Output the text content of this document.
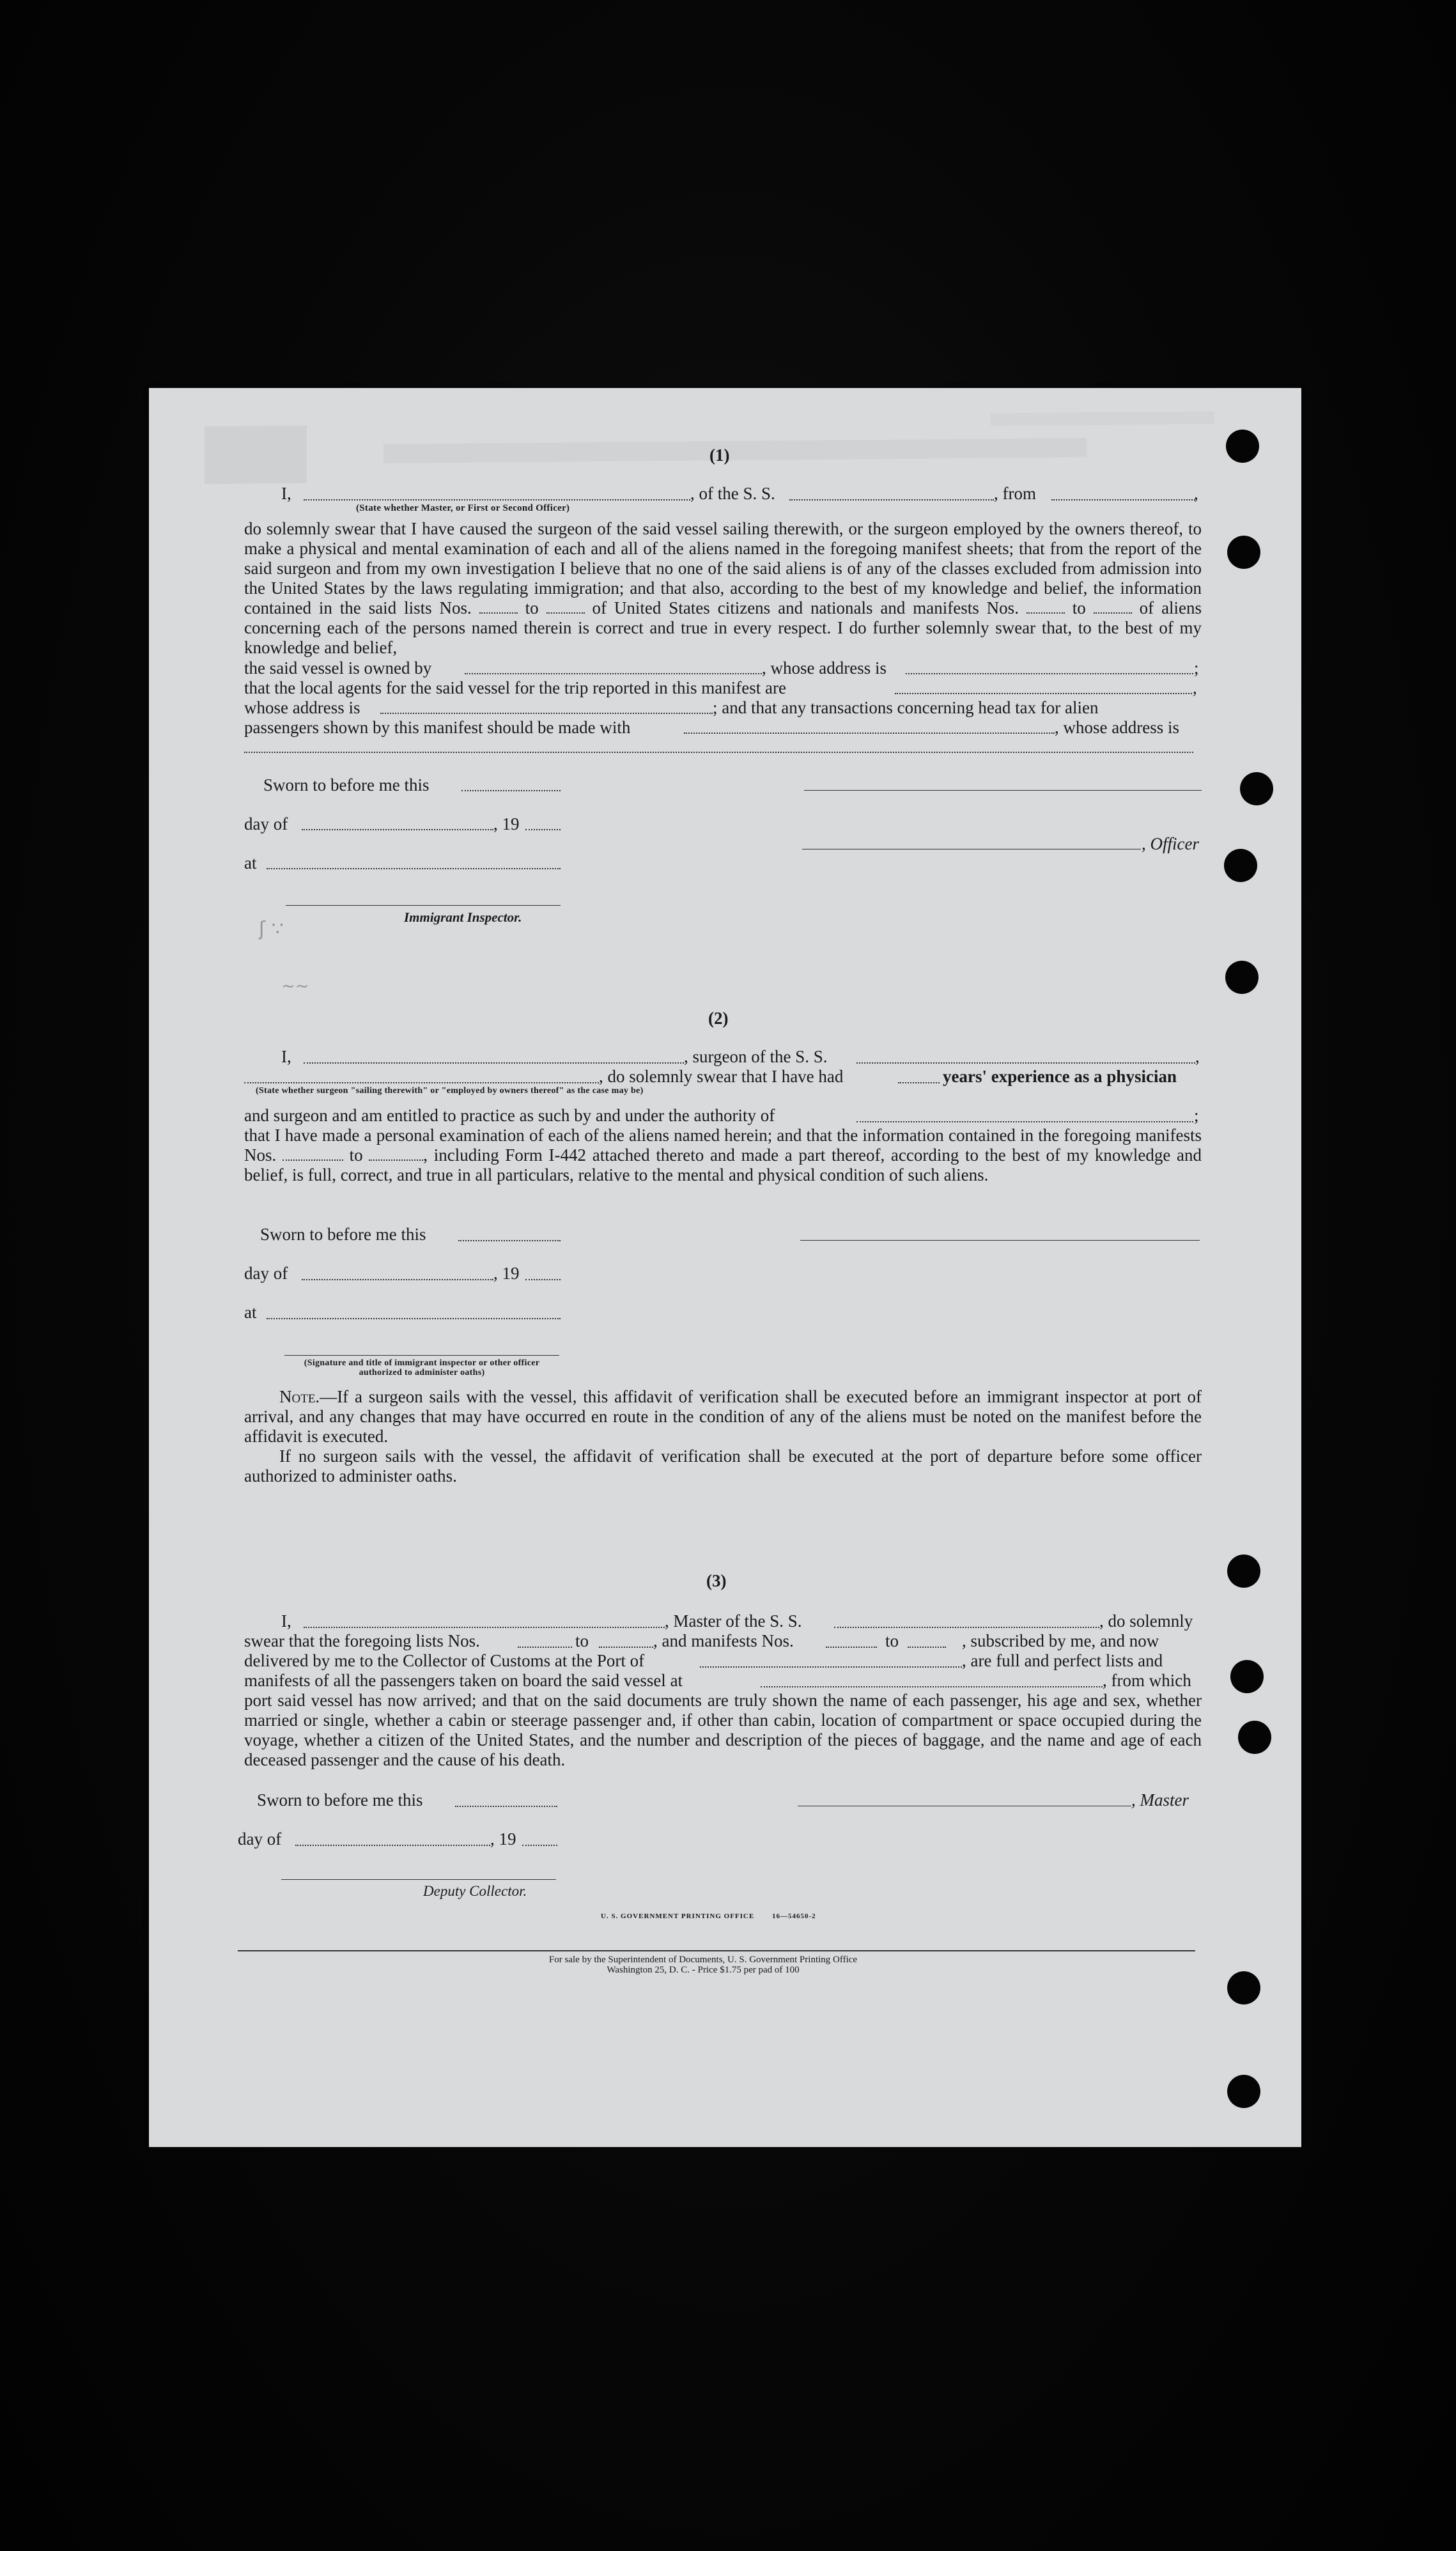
(1)
I,	, of the S. S.	, from	,
(State whether Master, or First or Second Officer)
do solemnly swear that I have caused the surgeon of the said vessel sailing therewith, or the surgeon employed by the owners thereof, to make a physical and mental examination of each and all of the aliens named in the foregoing manifest sheets; that from the report of the said surgeon and from my own investigation I believe that no one of the said aliens is of any of the classes excluded from admission into the United States by the laws regulating immigration; and that also, according to the best of my knowledge and belief, the information contained in the said lists Nos.	to	of United States citizens and nationals and manifests Nos.	to	of aliens concerning each of the persons named therein is correct and true in every respect. I do further solemnly swear that, to the best of my knowledge and belief,
the said vessel is owned by	, whose address is	;
that the local agents for the said vessel for the trip reported in this manifest are	,
whose address is	; and that any transactions concerning head tax for alien
passengers shown by this manifest should be made with	, whose address is
Sworn to before me this
day of	, 19
, Officer
at
Immigrant Inspector.
ʃ ∵
~~
(2)
I,	, surgeon of the S. S.	,
, do solemnly swear that I have had	years' experience as a physician
(State whether surgeon "sailing therewith" or "employed by owners thereof" as the case may be)
and surgeon and am entitled to practice as such by and under the authority of	;
that I have made a personal examination of each of the aliens named herein; and that the information contained in the foregoing manifests Nos.	to	, including Form I-442 attached thereto and made a part thereof, according to the best of my knowledge and belief, is full, correct, and true in all particulars, relative to the mental and physical condition of such aliens.
Sworn to before me this
day of	, 19
at
(Signature and title of immigrant inspector or other officer authorized to administer oaths)
Note.—If a surgeon sails with the vessel, this affidavit of verification shall be executed before an immigrant inspector at port of arrival, and any changes that may have occurred en route in the condition of any of the aliens must be noted on the manifest before the affidavit is executed.
If no surgeon sails with the vessel, the affidavit of verification shall be executed at the port of departure before some officer authorized to administer oaths.
(3)
I,	, Master of the S. S.	, do solemnly
swear that the foregoing lists Nos.	to	, and manifests Nos.	to	, subscribed by me, and now
delivered by me to the Collector of Customs at the Port of	, are full and perfect lists and
manifests of all the passengers taken on board the said vessel at	, from which
port said vessel has now arrived; and that on the said documents are truly shown the name of each passenger, his age and sex, whether married or single, whether a cabin or steerage passenger and, if other than cabin, location of compartment or space occupied during the voyage, whether a citizen of the United States, and the number and description of the pieces of baggage, and the name and age of each deceased passenger and the cause of his death.
Sworn to before me this	, Master
day of	, 19
Deputy Collector.
U. S. GOVERNMENT PRINTING OFFICE	16—54650-2
For sale by the Superintendent of Documents, U. S. Government Printing Office
Washington 25, D. C. - Price $1.75 per pad of 100
